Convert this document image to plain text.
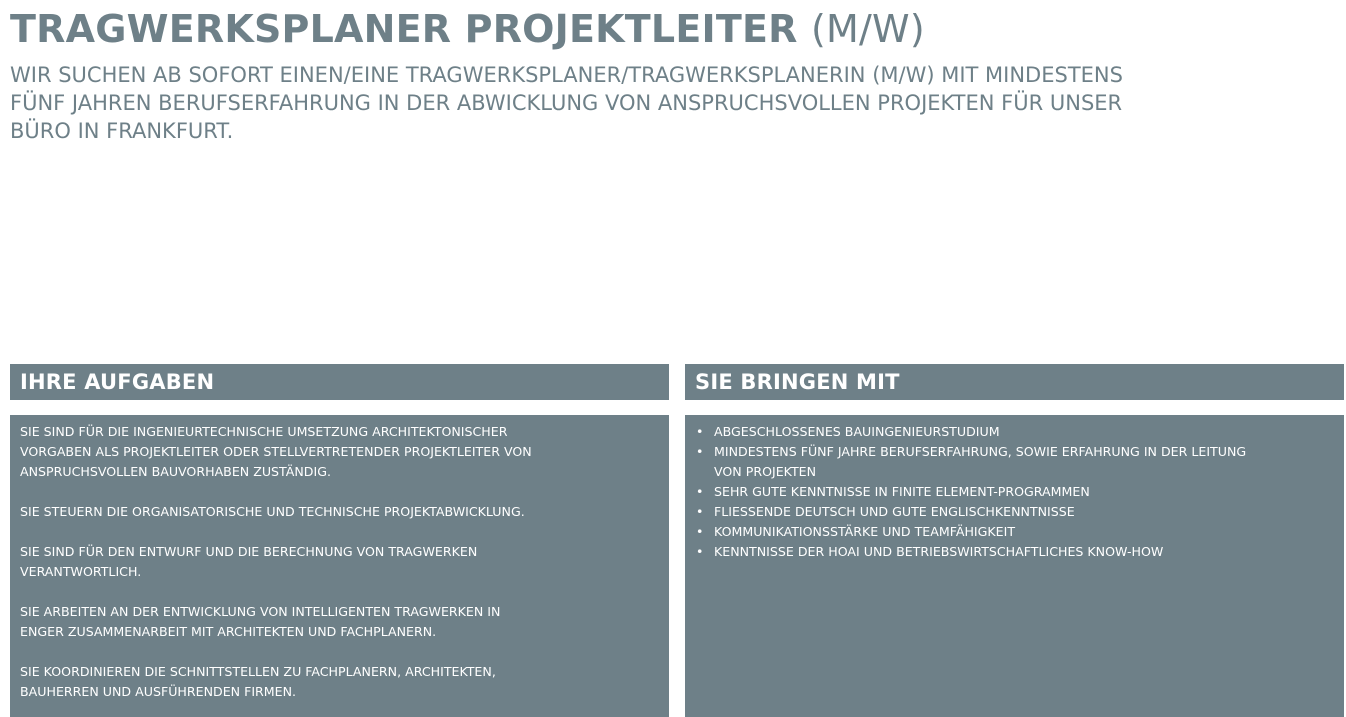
TRAGWERKSPLANER PROJEKTLEITER (M/W)

WIR SUCHEN AB SOFORT EINEN/EINE TRAGWERKSPLANER/TRAGWERKSPLANERIN (M/W) MIT MINDESTENS
FÜNF JAHREN BERUFSERFAHRUNG IN DER ABWICKLUNG VON ANSPRUCHSVOLLEN PROJEKTEN FÜR UNSER
BÜRO IN FRANKFURT.

IHRE AUFGABEN

SIE SIND FÜR DIE INGENIEURTECHNISCHE UMSETZUNG ARCHITEKTONISCHER
VORGABEN ALS PROJEKTLEITER ODER STELLVERTRETENDER PROJEKTLEITER VON
ANSPRUCHSVOLLEN BAUVORHABEN ZUSTÄNDIG.

SIE STEUERN DIE ORGANISATORISCHE UND TECHNISCHE PROJEKTABWICKLUNG.

SIE SIND FÜR DEN ENTWURF UND DIE BERECHNUNG VON TRAGWERKEN
VERANTWORTLICH.

SIE ARBEITEN AN DER ENTWICKLUNG VON INTELLIGENTEN TRAGWERKEN IN
ENGER ZUSAMMENARBEIT MIT ARCHITEKTEN UND FACHPLANERN.

SIE KOORDINIEREN DIE SCHNITTSTELLEN ZU FACHPLANERN, ARCHITEKTEN,
BAUHERREN UND AUSFÜHRENDEN FIRMEN.

SIE BRINGEN MIT
• ABGESCHLOSSENES BAUINGENIEURSTUDIUM
• MINDESTENS FÜNF JAHRE BERUFSERFAHRUNG, SOWIE ERFAHRUNG IN DER LEITUNG
VON PROJEKTEN
• SEHR GUTE KENNTNISSE IN FINITE ELEMENT-PROGRAMMEN
• FLIESSENDE DEUTSCH UND GUTE ENGLISCHKENNTNISSE
• KOMMUNIKATIONSSTÄRKE UND TEAMFÄHIGKEIT
• KENNTNISSE DER HOAI UND BETRIEBSWIRTSCHAFTLICHES KNOW-HOW
